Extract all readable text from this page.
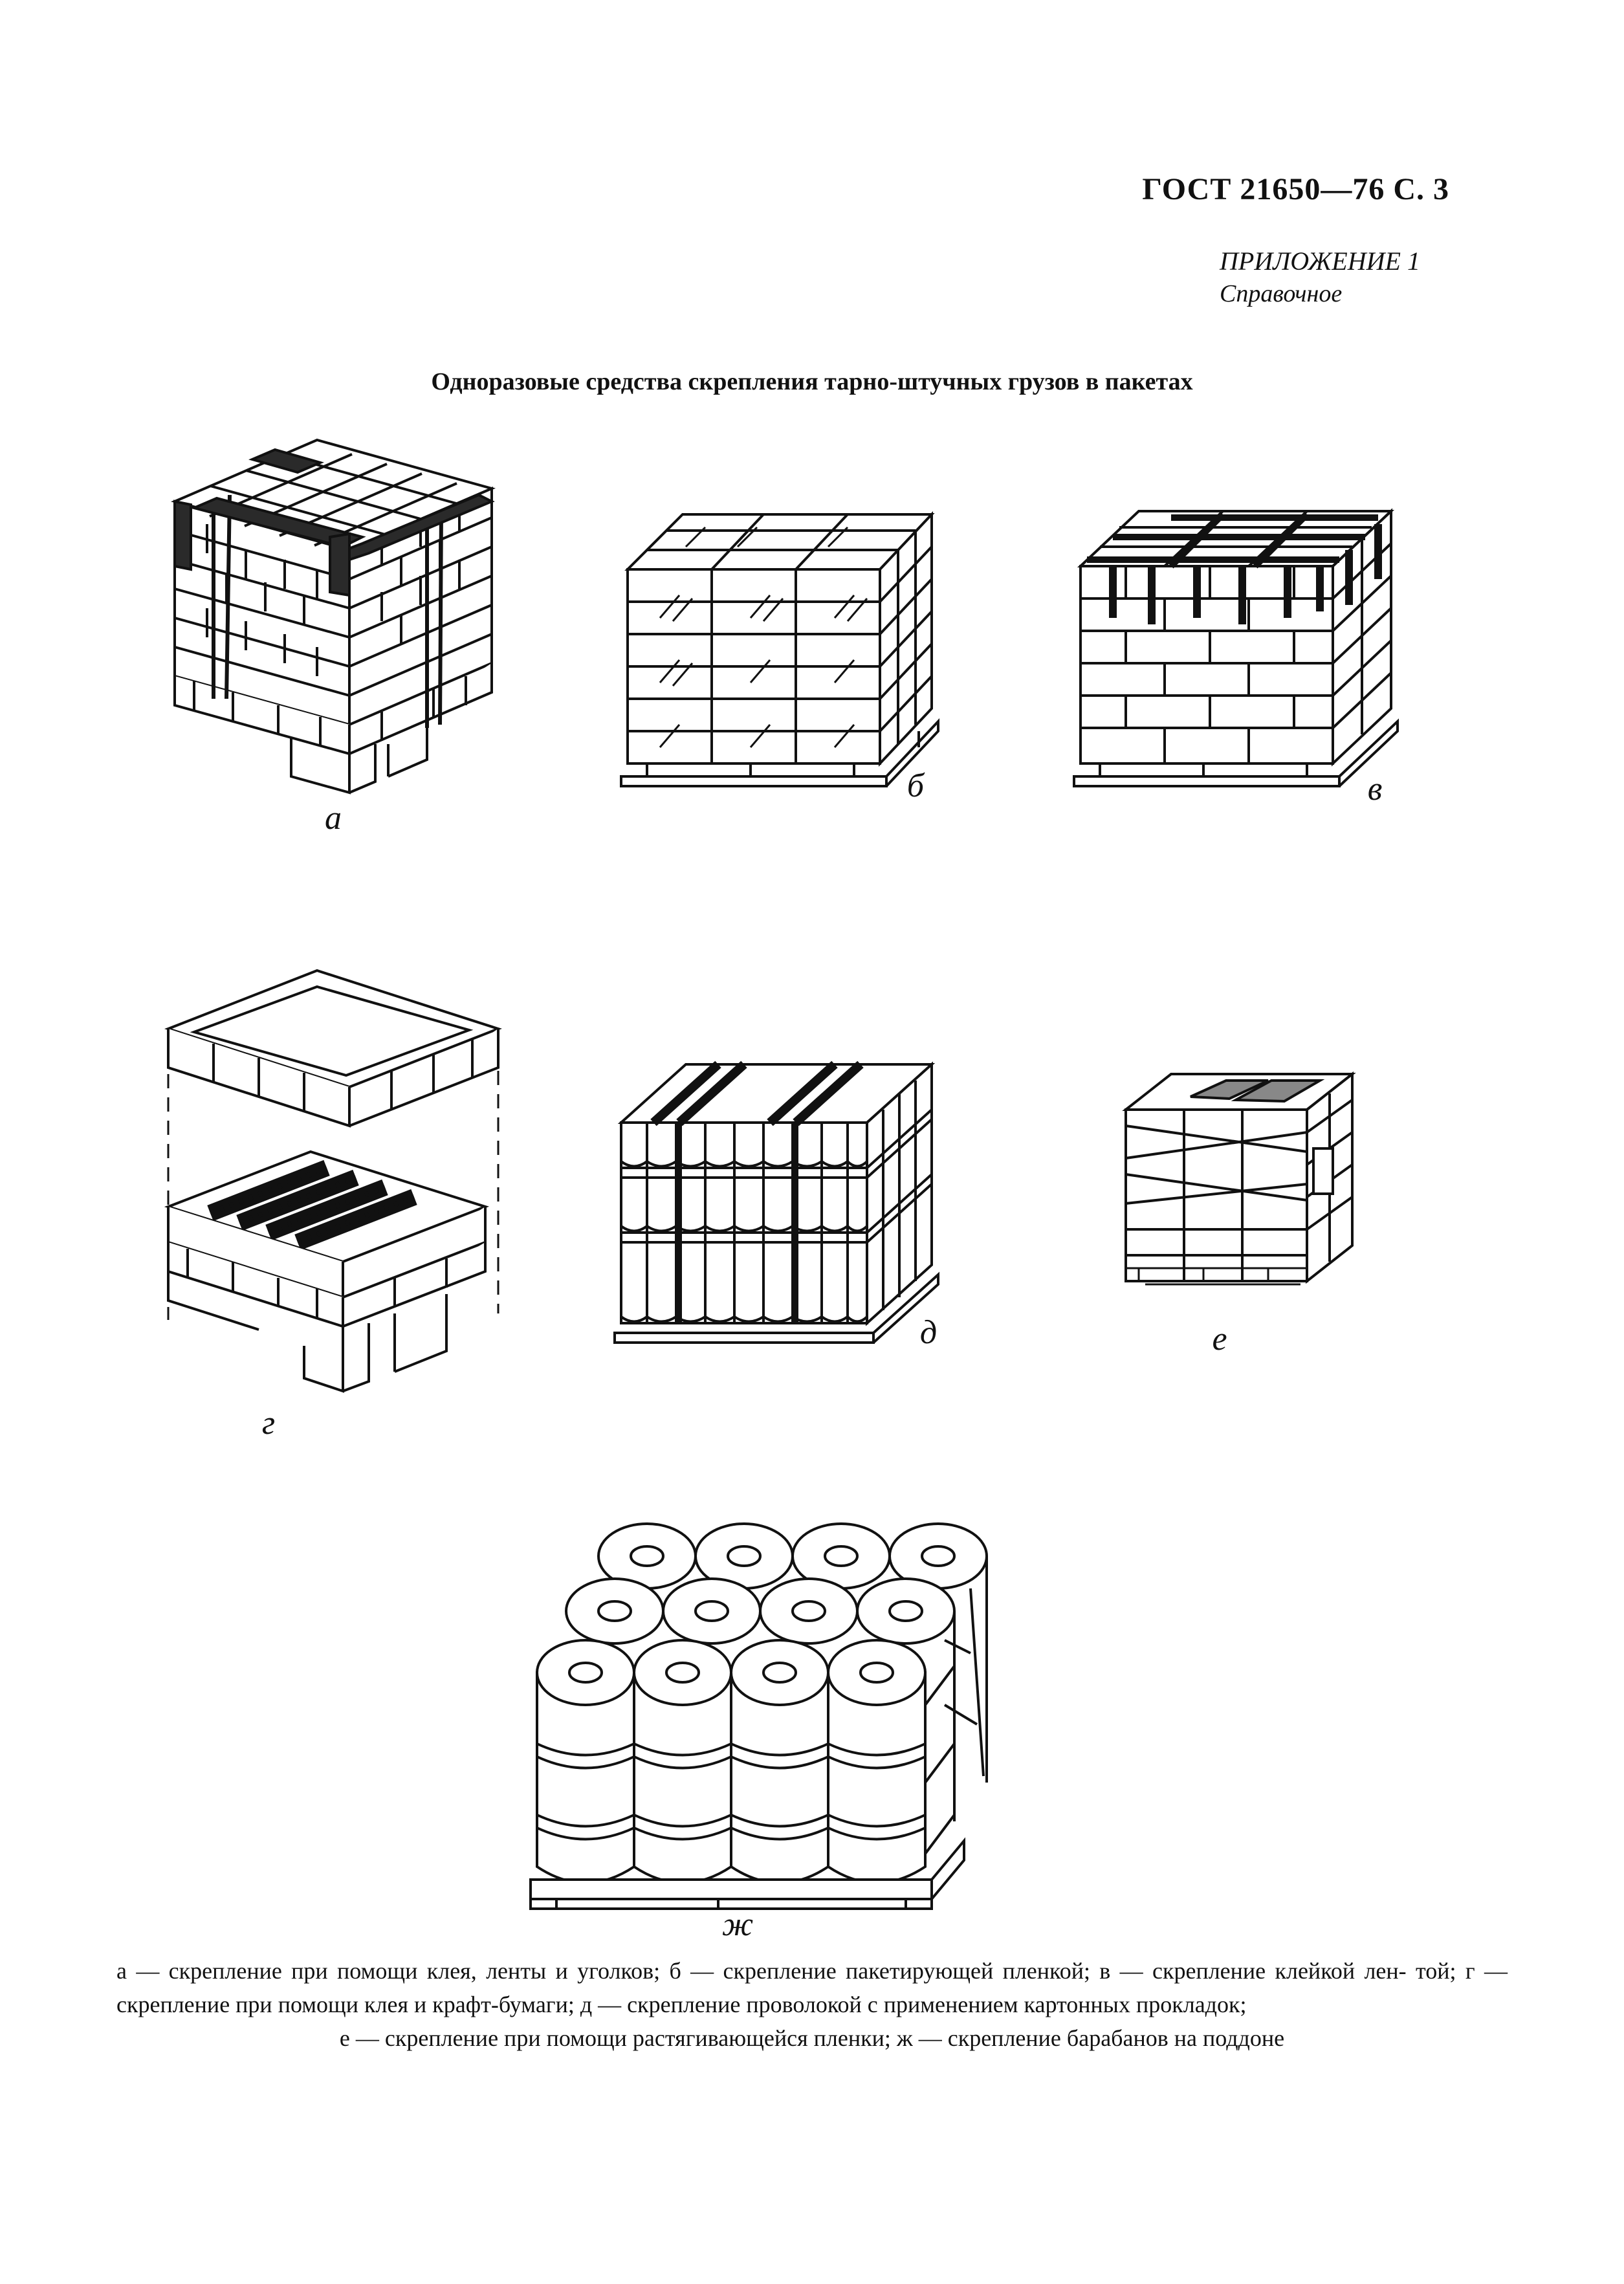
ГОСТ 21650—76 С. 3
ПРИЛОЖЕНИЕ 1
Справочное
Одноразовые средства скрепления тарно-штучных грузов в пакетах
а
б	в
г
д	е
ж
а — скрепление при помощи клея, ленты и уголков; б — скрепление пакетирующей пленкой; в — скрепление клейкой лен- той; г — скрепление при помощи клея и крафт-бумаги; д — скрепление проволокой с применением картонных прокладок;
е — скрепление при помощи растягивающейся пленки; ж — скрепление барабанов на поддоне
